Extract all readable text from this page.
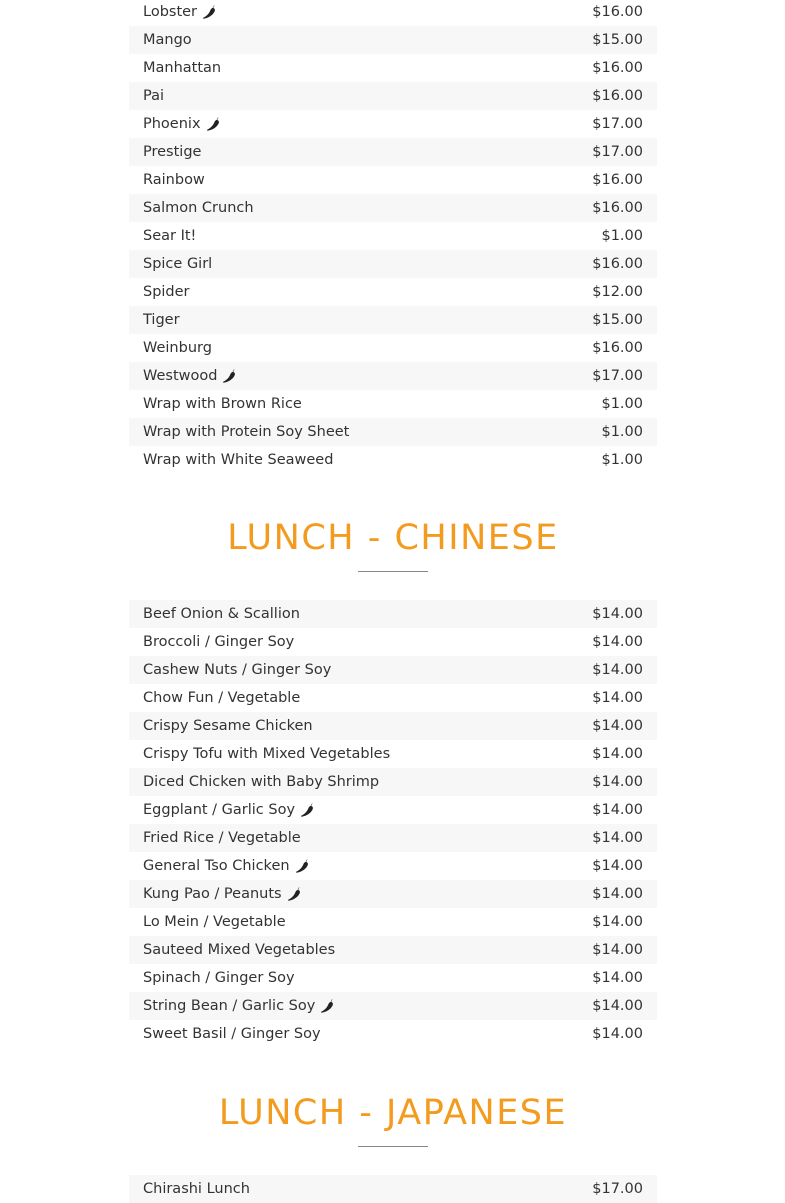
Lobster	$16.00
Mango	$15.00
Manhattan	$16.00
Pai	$16.00
Phoenix	$17.00
Prestige	$17.00
Rainbow	$16.00
Salmon Crunch	$16.00
Sear It!	$1.00
Spice Girl	$16.00
Spider	$12.00
Tiger	$15.00
Weinburg	$16.00
Westwood	$17.00
Wrap with Brown Rice	$1.00
Wrap with Protein Soy Sheet	$1.00
Wrap with White Seaweed	$1.00
LUNCH - CHINESE
Beef Onion & Scallion	$14.00
Broccoli / Ginger Soy	$14.00
Cashew Nuts / Ginger Soy	$14.00
Chow Fun / Vegetable	$14.00
Crispy Sesame Chicken	$14.00
Crispy Tofu with Mixed Vegetables	$14.00
Diced Chicken with Baby Shrimp	$14.00
Eggplant / Garlic Soy	$14.00
Fried Rice / Vegetable	$14.00
General Tso Chicken	$14.00
Kung Pao / Peanuts	$14.00
Lo Mein / Vegetable	$14.00
Sauteed Mixed Vegetables	$14.00
Spinach / Ginger Soy	$14.00
String Bean / Garlic Soy	$14.00
Sweet Basil / Ginger Soy	$14.00
LUNCH - JAPANESE
Chirashi Lunch	$17.00
